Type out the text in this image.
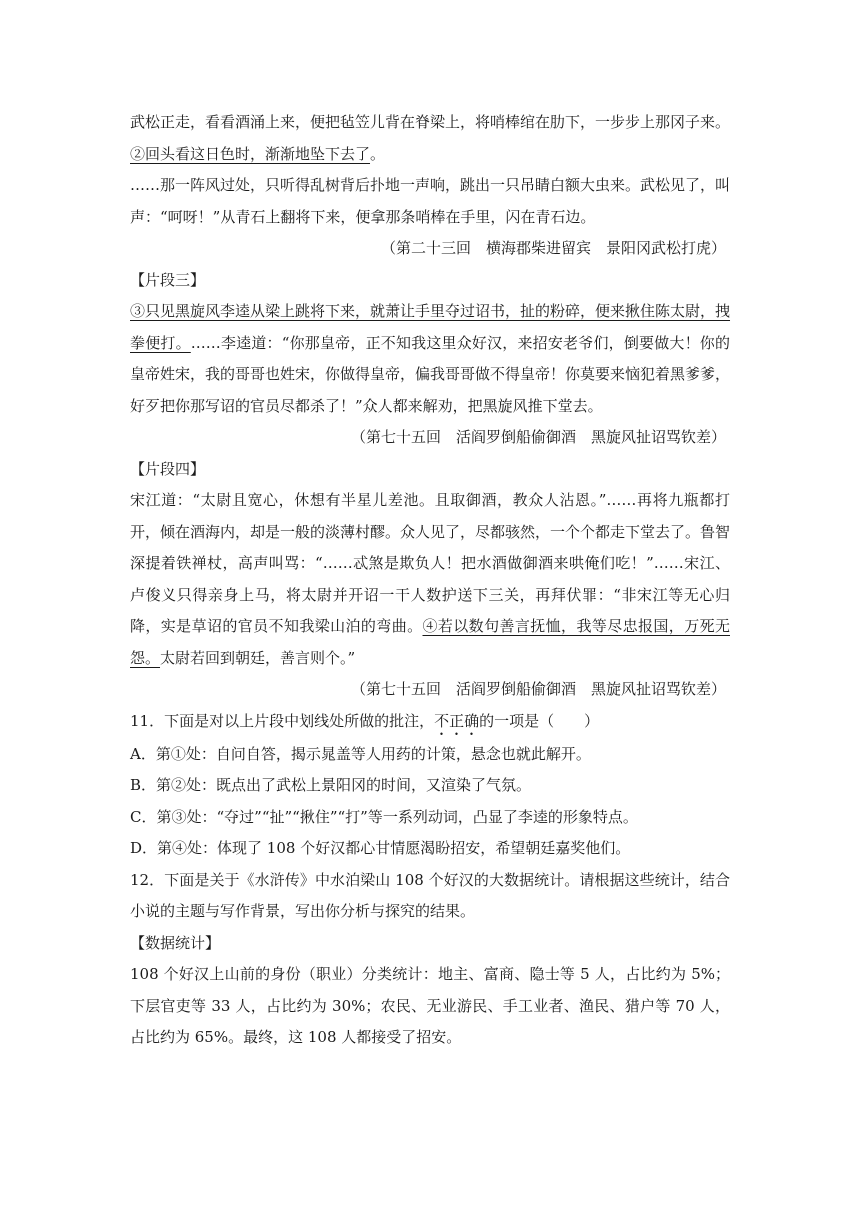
武松正走，看看酒涌上来，便把毡笠儿背在脊梁上，将哨棒绾在肋下，一步步上那冈子来。

②回头看这日色时，渐渐地坠下去了。

……那一阵风过处，只听得乱树背后扑地一声响，跳出一只吊睛白额大虫来。武松见了，叫声：“呵呀！”从青石上翻将下来，便拿那条哨棒在手里，闪在青石边。

（第二十三回　横海郡柴进留宾　景阳冈武松打虎）

【片段三】

③只见黑旋风李逵从梁上跳将下来，就萧让手里夺过诏书，扯的粉碎，便来揪住陈太尉，拽拳便打。……李逵道：“你那皇帝，正不知我这里众好汉，来招安老爷们，倒要做大！你的皇帝姓宋，我的哥哥也姓宋，你做得皇帝，偏我哥哥做不得皇帝！你莫要来恼犯着黑爹爹，好歹把你那写诏的官员尽都杀了！”众人都来解劝，把黑旋风推下堂去。

（第七十五回　活阎罗倒船偷御酒　黑旋风扯诏骂钦差）

【片段四】

宋江道：“太尉且宽心，休想有半星儿差池。且取御酒，教众人沾恩。”……再将九瓶都打开，倾在酒海内，却是一般的淡薄村醪。众人见了，尽都骇然，一个个都走下堂去了。鲁智深提着铁禅杖，高声叫骂：“……忒煞是欺负人！把水酒做御酒来哄俺们吃！”……宋江、卢俊义只得亲身上马，将太尉并开诏一干人数护送下三关，再拜伏罪：“非宋江等无心归降，实是草诏的官员不知我梁山泊的弯曲。④若以数句善言抚恤，我等尽忠报国，万死无怨。太尉若回到朝廷，善言则个。”

（第七十五回　活阎罗倒船偷御酒　黑旋风扯诏骂钦差）

11．下面是对以上片段中划线处所做的批注，不正确的一项是（　　）

A．第①处：自问自答，揭示晁盖等人用药的计策，悬念也就此解开。

B．第②处：既点出了武松上景阳冈的时间，又渲染了气氛。

C．第③处：“夺过”“扯”“揪住”“打”等一系列动词，凸显了李逵的形象特点。

D．第④处：体现了 108 个好汉都心甘情愿渴盼招安，希望朝廷嘉奖他们。

12．下面是关于《水浒传》中水泊梁山 108 个好汉的大数据统计。请根据这些统计，结合小说的主题与写作背景，写出你分析与探究的结果。

【数据统计】

108 个好汉上山前的身份（职业）分类统计：地主、富商、隐士等 5 人，占比约为 5%；下层官吏等 33 人，占比约为 30%；农民、无业游民、手工业者、渔民、猎户等 70 人，占比约为 65%。最终，这 108 人都接受了招安。
